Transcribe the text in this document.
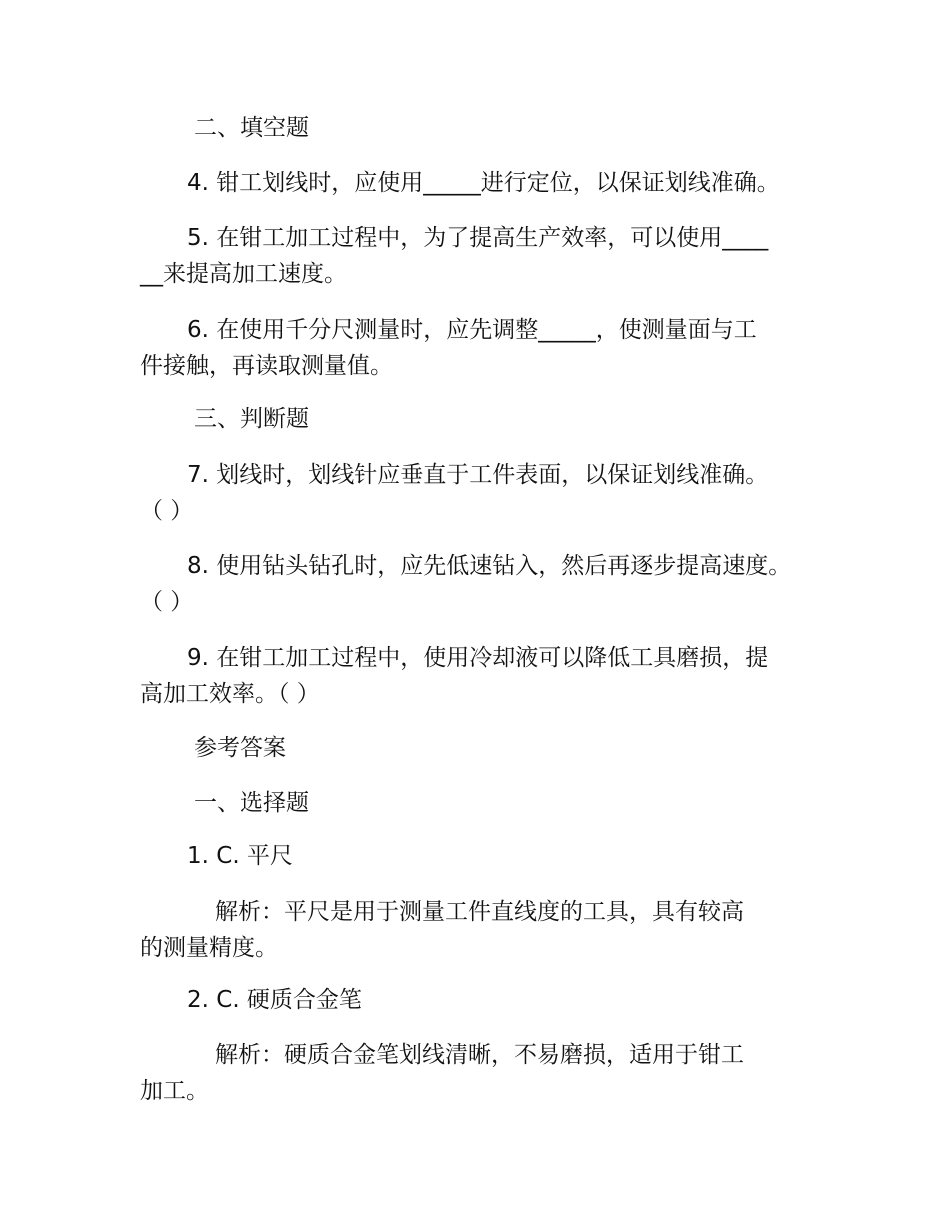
二、填空题

4. 钳工划线时，应使用_____进行定位，以保证划线准确。

5. 在钳工加工过程中，为了提高生产效率，可以使用____

__来提高加工速度。

6. 在使用千分尺测量时，应先调整_____，使测量面与工

件接触，再读取测量值。

三、判断题

7. 划线时，划线针应垂直于工件表面，以保证划线准确。

（ ）

8. 使用钻头钻孔时，应先低速钻入，然后再逐步提高速度。

（ ）

9. 在钳工加工过程中，使用冷却液可以降低工具磨损，提

高加工效率。（ ）

参考答案

一、选择题

1. C. 平尺

解析：平尺是用于测量工件直线度的工具，具有较高

的测量精度。

2. C. 硬质合金笔

解析：硬质合金笔划线清晰，不易磨损，适用于钳工

加工。
